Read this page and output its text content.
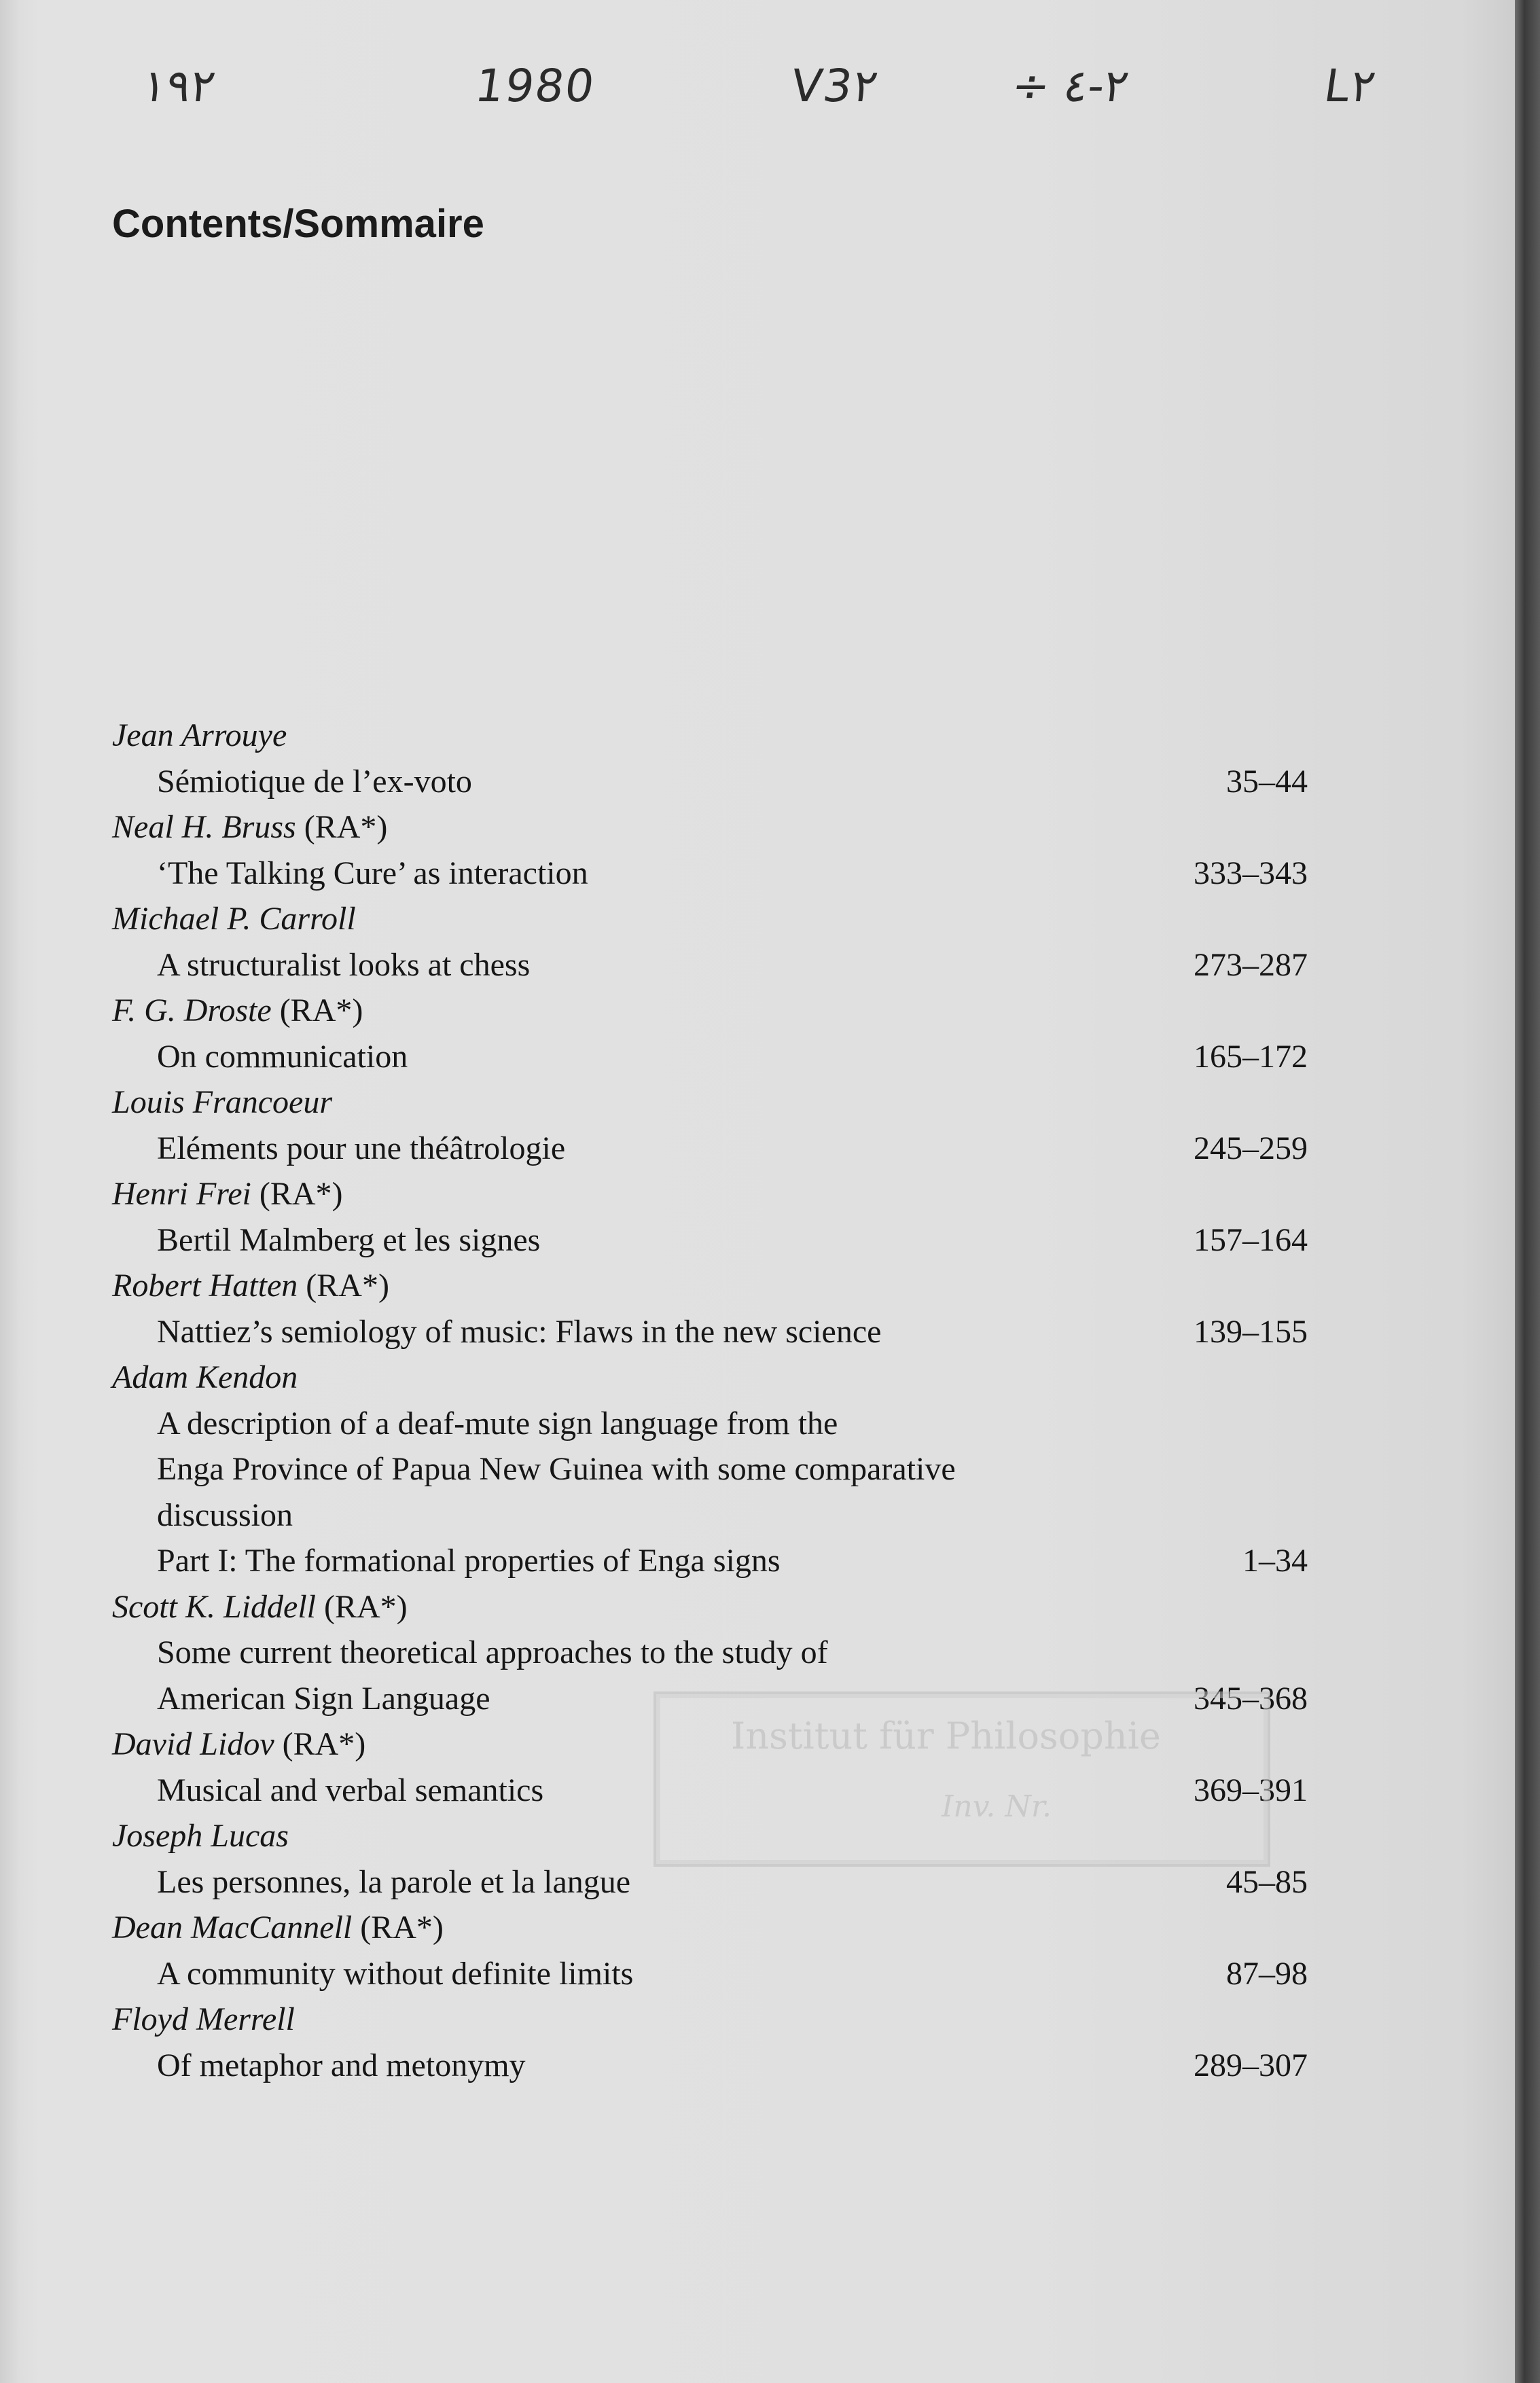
١٩٢	1980	V3٢	÷ ٢-٤	L٢
Contents/Sommaire
Jean Arrouye
Sémiotique de l’ex-voto	35–44
Neal H. Bruss (RA*)
‘The Talking Cure’ as interaction	333–343
Michael P. Carroll
A structuralist looks at chess	273–287
F. G. Droste (RA*)
On communication	165–172
Louis Francoeur
Eléments pour une théâtrologie	245–259
Henri Frei (RA*)
Bertil Malmberg et les signes	157–164
Robert Hatten (RA*)
Nattiez’s semiology of music: Flaws in the new science	139–155
Adam Kendon
A description of a deaf-mute sign language from the
Enga Province of Papua New Guinea with some comparative
discussion
Part I: The formational properties of Enga signs	1–34
Scott K. Liddell (RA*)
Some current theoretical approaches to the study of
American Sign Language	345–368
David Lidov (RA*)
Musical and verbal semantics	369–391
Joseph Lucas
Les personnes, la parole et la langue	45–85
Dean MacCannell (RA*)
A community without definite limits	87–98
Floyd Merrell
Of metaphor and metonymy	289–307
Institut für Philosophie
Inv. Nr.
